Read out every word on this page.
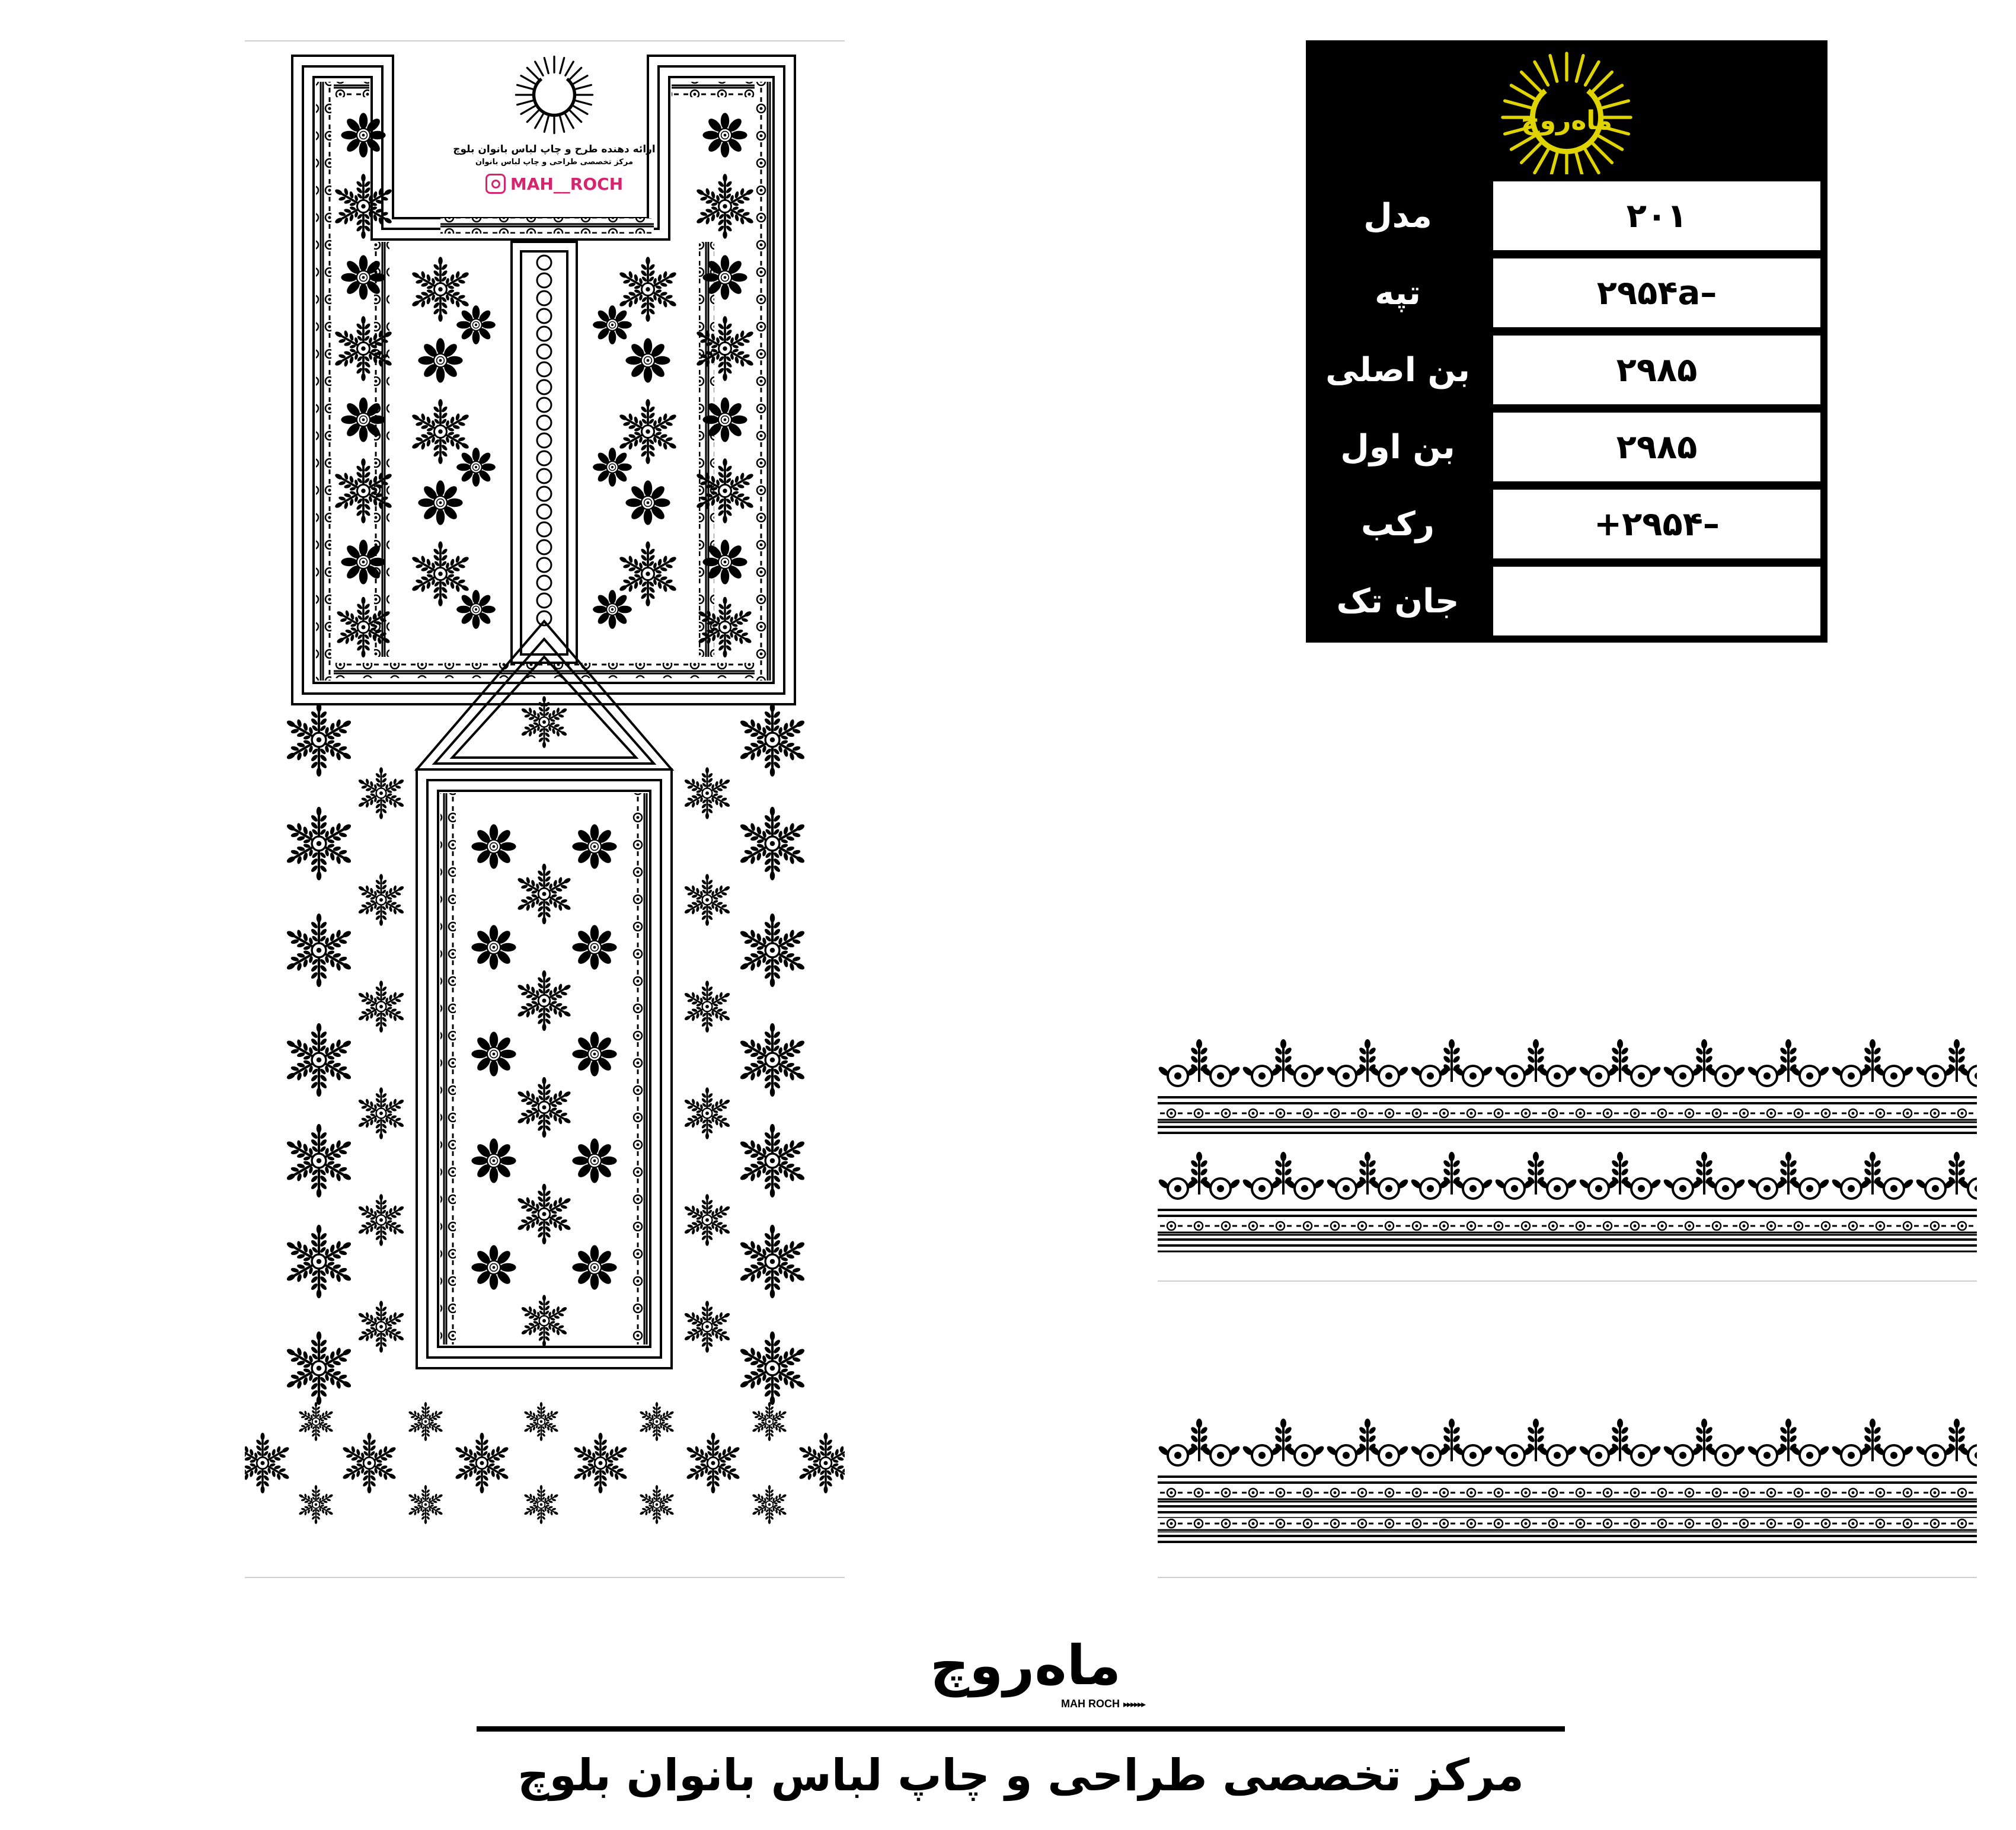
ارائه دهنده طرح و چاپ لباس بانوان بلوچ
مرکز تخصصی طراحی و چاپ لباس بانوان
MAH__ROCH
ماه‌روچ
مدل	۲۰۱
تپه	۲۹۵۴a–
بن اصلی	۲۹۸۵
بن اول	۲۹۸۵
رکب	+۲۹۵۴–
جان تک
ماه‌روچ
MAH ROCH ▸▸▸▸▸▸
مرکز تخصصی طراحی و چاپ لباس بانوان بلوچ
